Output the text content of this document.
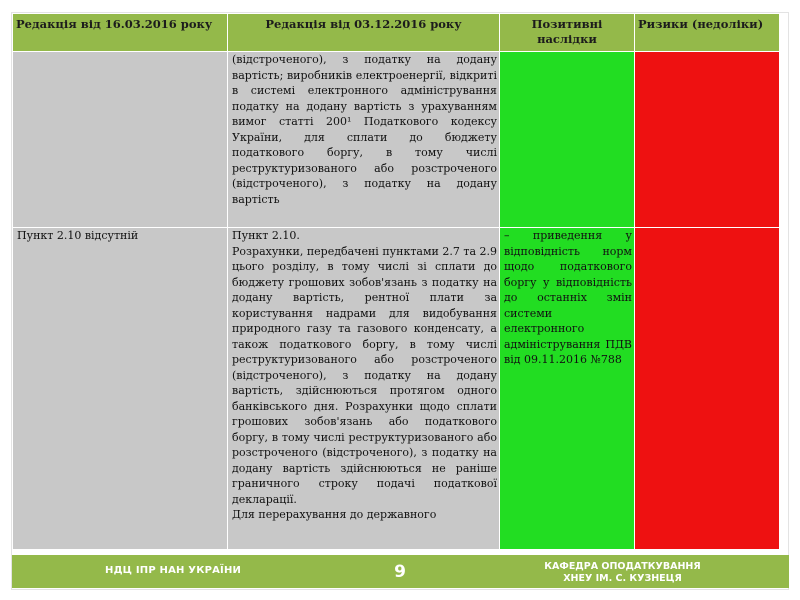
Редакція від 16.03.2016 року	Редакція від 03.12.2016 року	Позитивні наслідки	Ризики (недоліки)

	(відстроченого), з податку на додану вартість; виробників електроенергії, відкриті в системі електронного адміністрування податку на додану вартість з урахуванням вимог статті 200¹ Податкового кодексу України, для сплати до бюджету податкового боргу, в тому числі реструктуризованого або розстроченого (відстроченого), з податку на додану вартість		

Пункт 2.10 відсутній	Пункт 2.10.
Розрахунки, передбачені пунктами 2.7 та 2.9 цього розділу, в тому числі зі сплати до бюджету грошових зобов'язань з податку на додану вартість, рентної плати за користування надрами для видобування природного газу та газового конденсату, а також податкового боргу, в тому числі реструктуризованого або розстроченого (відстроченого), з податку на додану вартість, здійснюються протягом одного банківського дня. Розрахунки щодо сплати грошових зобов'язань або податкового боргу, в тому числі реструктуризованого або розстроченого (відстроченого), з податку на додану вартість здійснюються не раніше граничного строку подачі податкової декларації.
Для перерахування до державного	– приведення у відповідність норм щодо податкового боргу у відповідність до останніх змін системи електронного адміністрування ПДВ від 09.11.2016 №788	

НДЦ ІПР НАН УКРАЇНИ	9	КАФЕДРА ОПОДАТКУВАННЯ
ХНЕУ ІМ. С. КУЗНЕЦЯ
